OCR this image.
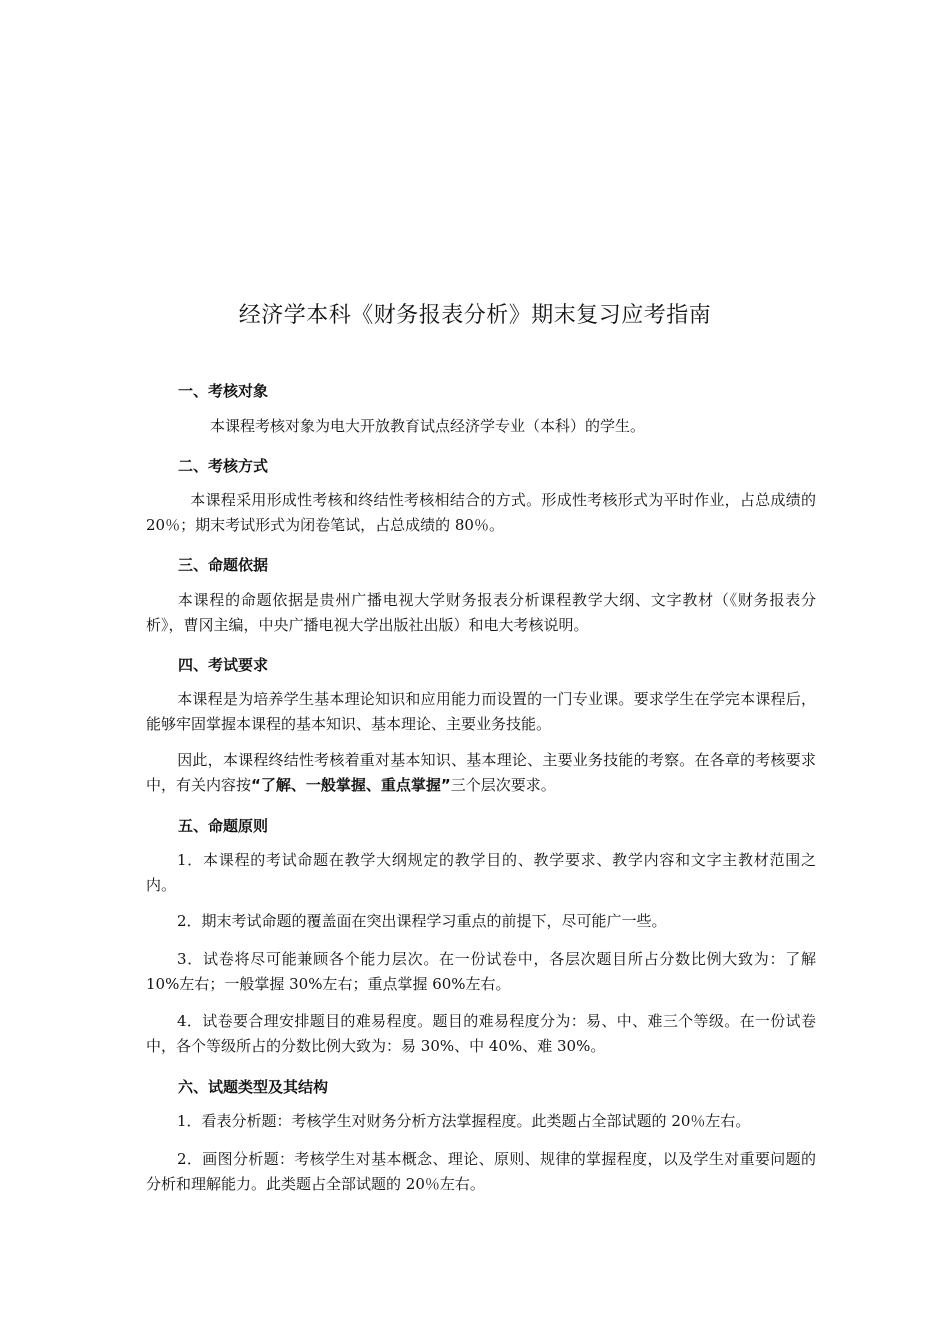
经济学本科《财务报表分析》期末复习应考指南
一、考核对象
本课程考核对象为电大开放教育试点经济学专业（本科）的学生。
二、考核方式
本课程采用形成性考核和终结性考核相结合的方式。形成性考核形式为平时作业，占总成绩的 20％；期末考试形式为闭卷笔试，占总成绩的 80％。
三、命题依据
本课程的命题依据是贵州广播电视大学财务报表分析课程教学大纲、文字教材（《财务报表分析》，曹冈主编，中央广播电视大学出版社出版）和电大考核说明。
四、考试要求
本课程是为培养学生基本理论知识和应用能力而设置的一门专业课。要求学生在学完本课程后，能够牢固掌握本课程的基本知识、基本理论、主要业务技能。
因此，本课程终结性考核着重对基本知识、基本理论、主要业务技能的考察。在各章的考核要求中，有关内容按“了解、一般掌握、重点掌握”三个层次要求。
五、命题原则
1．本课程的考试命题在教学大纲规定的教学目的、教学要求、教学内容和文字主教材范围之内。
2．期末考试命题的覆盖面在突出课程学习重点的前提下，尽可能广一些。
3．试卷将尽可能兼顾各个能力层次。在一份试卷中，各层次题目所占分数比例大致为：了解 10%左右；一般掌握 30%左右；重点掌握 60%左右。
4．试卷要合理安排题目的难易程度。题目的难易程度分为：易、中、难三个等级。在一份试卷中，各个等级所占的分数比例大致为：易 30%、中 40%、难 30%。
六、试题类型及其结构
1．看表分析题：考核学生对财务分析方法掌握程度。此类题占全部试题的 20％左右。
2．画图分析题：考核学生对基本概念、理论、原则、规律的掌握程度，以及学生对重要问题的分析和理解能力。此类题占全部试题的 20％左右。
